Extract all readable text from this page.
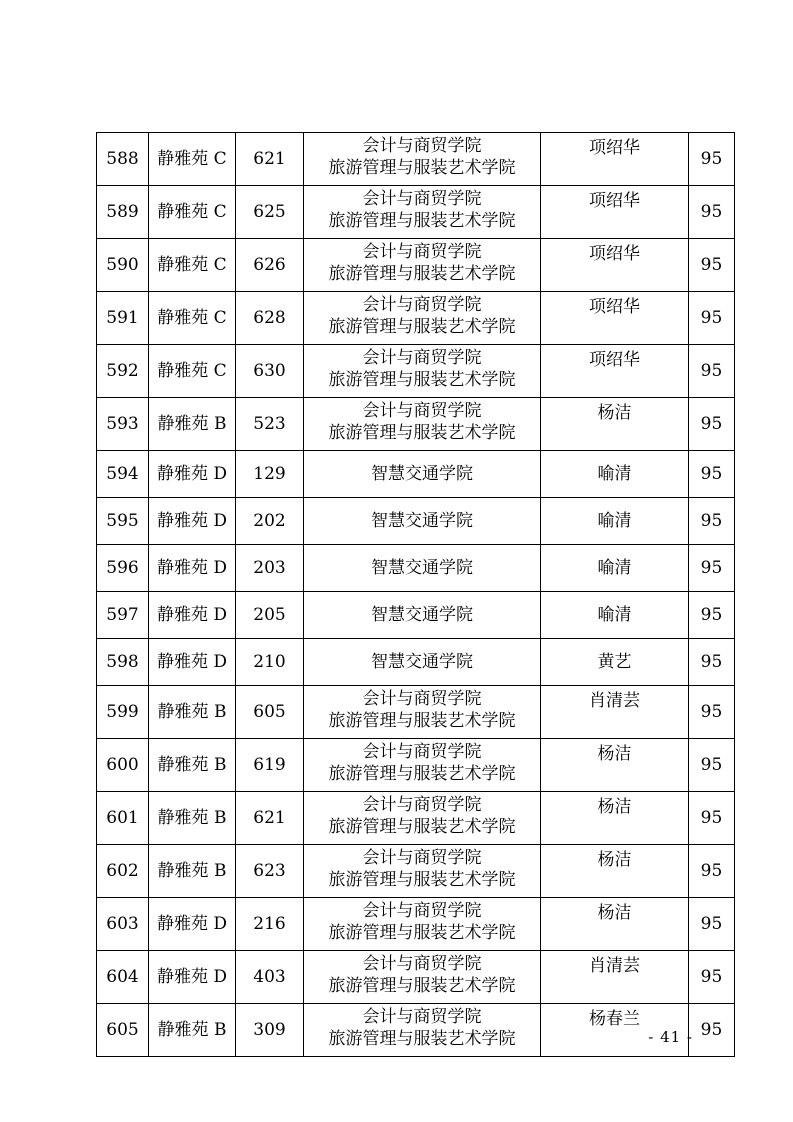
588	静雅苑 C	621	会计与商贸学院
旅游管理与服装艺术学院	项绍华	95
589	静雅苑 C	625	会计与商贸学院
旅游管理与服装艺术学院	项绍华	95
590	静雅苑 C	626	会计与商贸学院
旅游管理与服装艺术学院	项绍华	95
591	静雅苑 C	628	会计与商贸学院
旅游管理与服装艺术学院	项绍华	95
592	静雅苑 C	630	会计与商贸学院
旅游管理与服装艺术学院	项绍华	95
593	静雅苑 B	523	会计与商贸学院
旅游管理与服装艺术学院	杨洁	95
594	静雅苑 D	129	智慧交通学院	喻清	95
595	静雅苑 D	202	智慧交通学院	喻清	95
596	静雅苑 D	203	智慧交通学院	喻清	95
597	静雅苑 D	205	智慧交通学院	喻清	95
598	静雅苑 D	210	智慧交通学院	黄艺	95
599	静雅苑 B	605	会计与商贸学院
旅游管理与服装艺术学院	肖清芸	95
600	静雅苑 B	619	会计与商贸学院
旅游管理与服装艺术学院	杨洁	95
601	静雅苑 B	621	会计与商贸学院
旅游管理与服装艺术学院	杨洁	95
602	静雅苑 B	623	会计与商贸学院
旅游管理与服装艺术学院	杨洁	95
603	静雅苑 D	216	会计与商贸学院
旅游管理与服装艺术学院	杨洁	95
604	静雅苑 D	403	会计与商贸学院
旅游管理与服装艺术学院	肖清芸	95
605	静雅苑 B	309	会计与商贸学院
旅游管理与服装艺术学院	杨春兰	95
- 41 -
